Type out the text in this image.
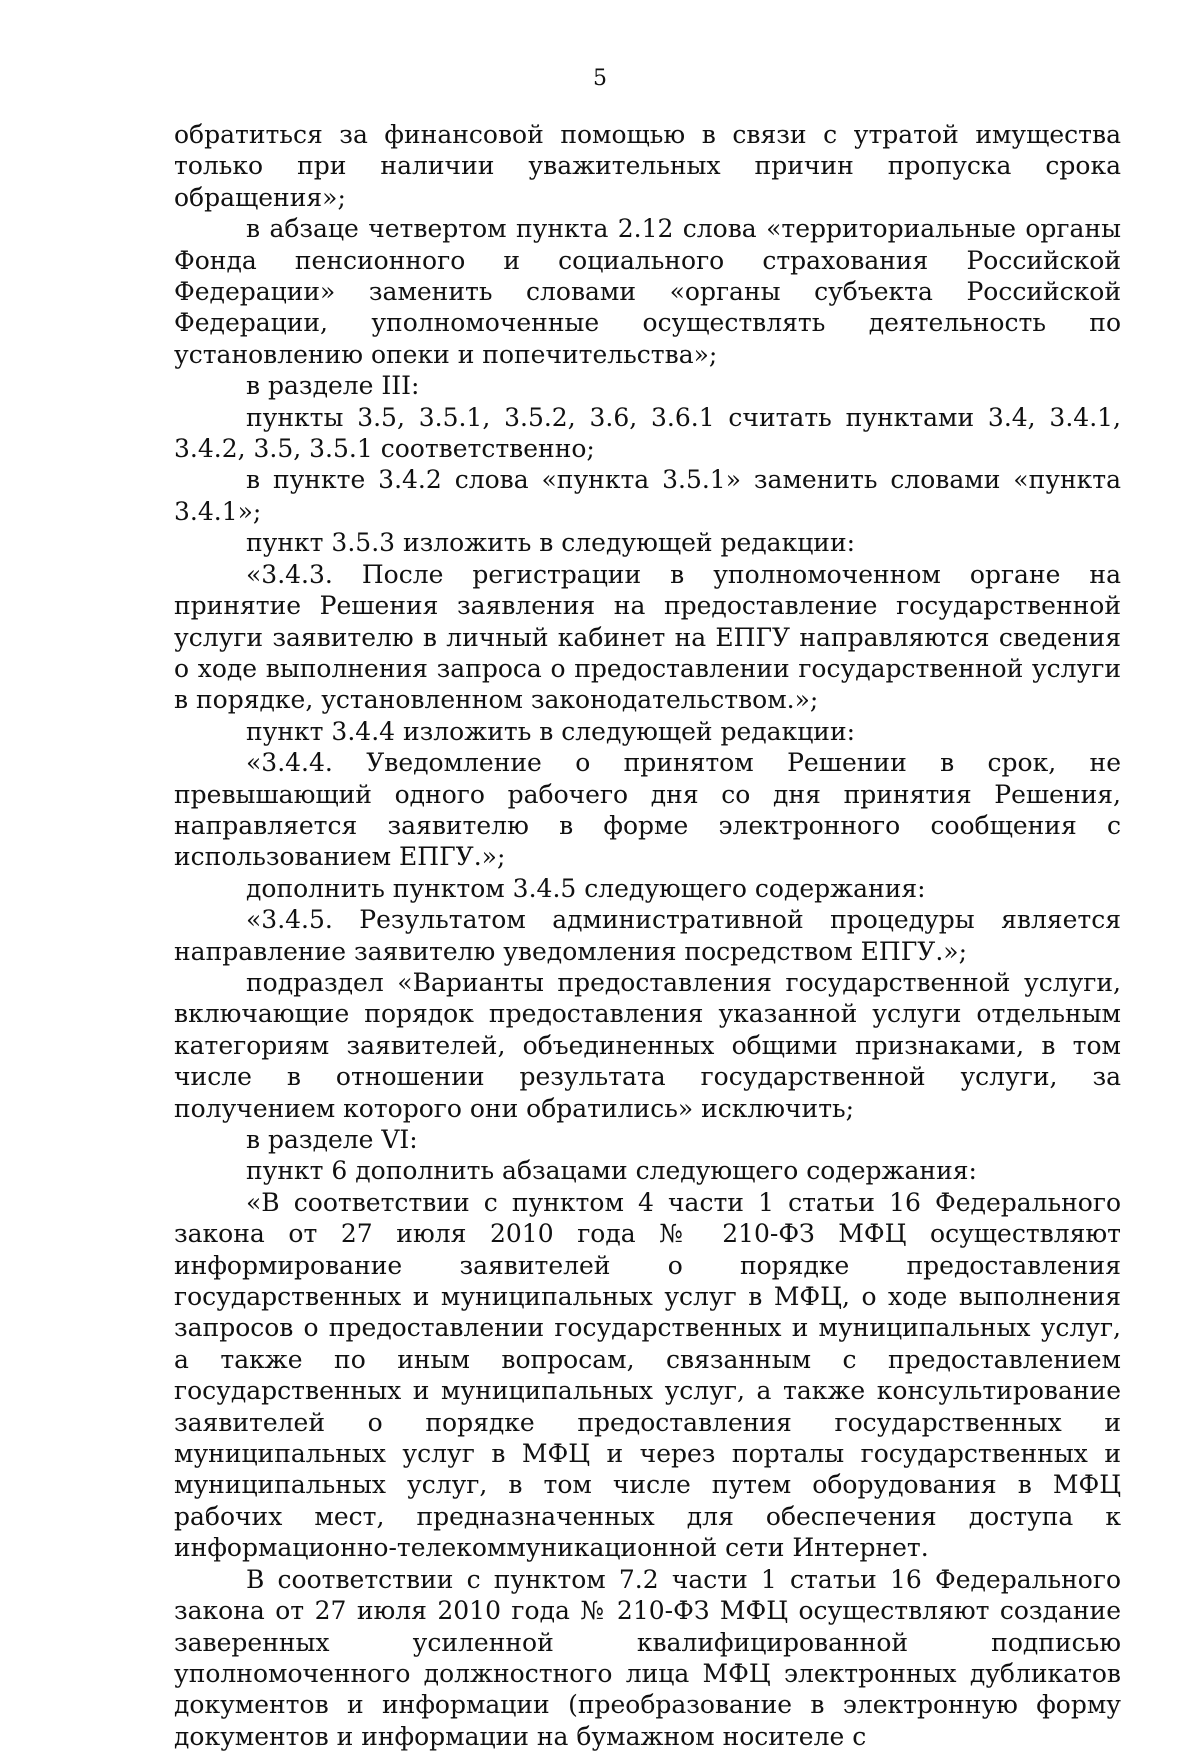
5

обратиться за финансовой помощью в связи с утратой имущества только при наличии уважительных причин пропуска срока обращения»;

в абзаце четвертом пункта 2.12 слова «территориальные органы Фонда пенсионного и социального страхования Российской Федерации» заменить словами «органы субъекта Российской Федерации, уполномоченные осуществлять деятельность по установлению опеки и попечительства»;

в разделе III:

пункты 3.5, 3.5.1, 3.5.2, 3.6, 3.6.1 считать пунктами 3.4, 3.4.1, 3.4.2, 3.5, 3.5.1 соответственно;

в пункте 3.4.2 слова «пункта 3.5.1» заменить словами «пункта 3.4.1»;

пункт 3.5.3 изложить в следующей редакции:

«3.4.3. После регистрации в уполномоченном органе на принятие Решения заявления на предоставление государственной услуги заявителю в личный кабинет на ЕПГУ направляются сведения о ходе выполнения запроса о предоставлении государственной услуги в порядке, установленном законодательством.»;

пункт 3.4.4 изложить в следующей редакции:

«3.4.4. Уведомление о принятом Решении в срок, не превышающий одного рабочего дня со дня принятия Решения, направляется заявителю в форме электронного сообщения с использованием ЕПГУ.»;

дополнить пунктом 3.4.5 следующего содержания:

«3.4.5. Результатом административной процедуры является направление заявителю уведомления посредством ЕПГУ.»;

подраздел «Варианты предоставления государственной услуги, включающие порядок предоставления указанной услуги отдельным категориям заявителей, объединенных общими признаками, в том числе в отношении результата государственной услуги, за получением которого они обратились» исключить;

в разделе VI:

пункт 6 дополнить абзацами следующего содержания:

«В соответствии с пунктом 4 части 1 статьи 16 Федерального закона от 27 июля 2010 года № 210-ФЗ МФЦ осуществляют информирование заявителей о порядке предоставления государственных и муниципальных услуг в МФЦ, о ходе выполнения запросов о предоставлении государственных и муниципальных услуг, а также по иным вопросам, связанным с предоставлением государственных и муниципальных услуг, а также консультирование заявителей о порядке предоставления государственных и муниципальных услуг в МФЦ и через порталы государственных и муниципальных услуг, в том числе путем оборудования в МФЦ рабочих мест, предназначенных для обеспечения доступа к информационно-телекоммуникационной сети Интернет.

В соответствии с пунктом 7.2 части 1 статьи 16 Федерального закона от 27 июля 2010 года № 210-ФЗ МФЦ осуществляют создание заверенных усиленной квалифицированной подписью уполномоченного должностного лица МФЦ электронных дубликатов документов и информации (преобразование в электронную форму документов и информации на бумажном носителе с
